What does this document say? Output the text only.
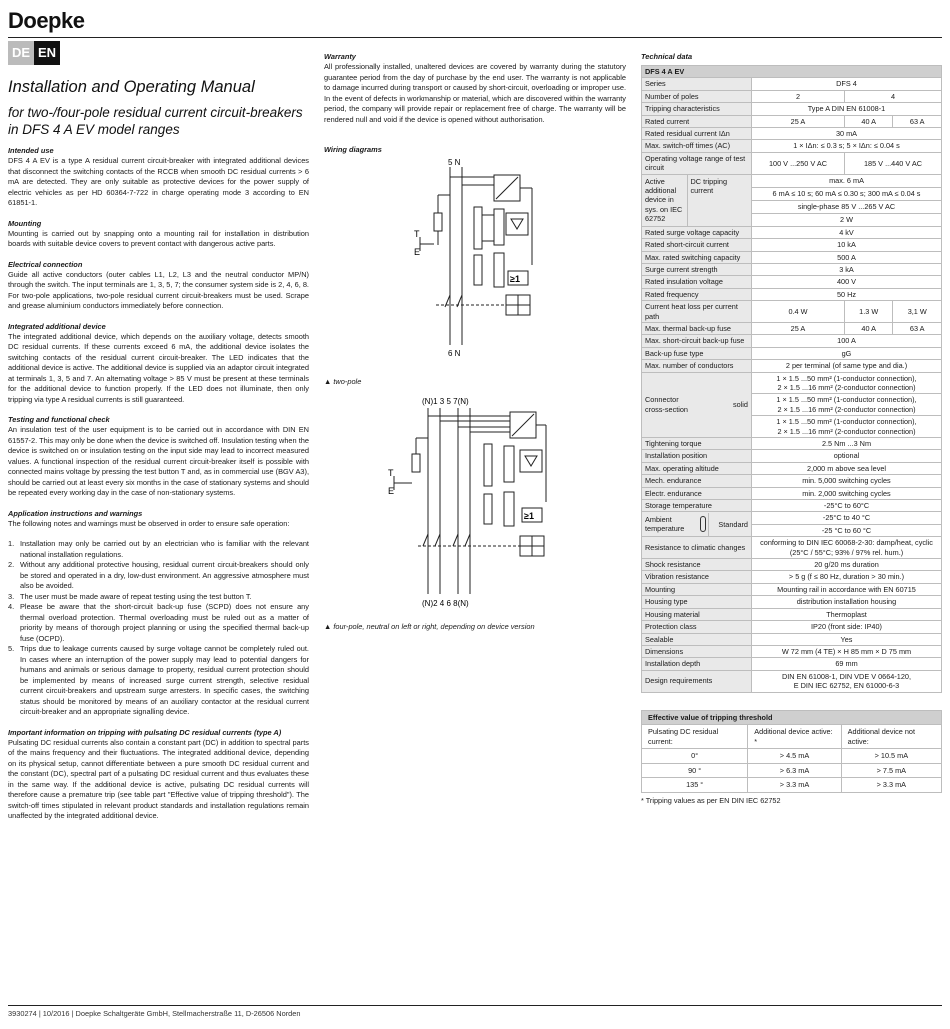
Doepke
DE EN
Installation and Operating Manual
for two-/four-pole residual current circuit-breakers in DFS 4 A EV model ranges
Intended use
DFS 4 A EV is a type A residual current circuit-breaker with integrated additional devices that disconnect the switching contacts of the RCCB when smooth DC residual currents > 6 mA are detected. They are only suitable as protective devices for the power supply of electric vehicles as per HD 60364-7-722 in charge operating mode 3 according to EN 61851-1.
Mounting
Mounting is carried out by snapping onto a mounting rail for installation in distribution boards with suitable device covers to prevent contact with dangerous active parts.
Electrical connection
Guide all active conductors (outer cables L1, L2, L3 and the neutral conductor MP/N) through the switch. The input terminals are 1, 3, 5, 7; the consumer system side is 2, 4, 6, 8. For two-pole applications, two-pole residual current circuit-breakers must be used. Scrape and grease aluminium conductors immediately before connection.
Integrated additional device
The integrated additional device, which depends on the auxiliary voltage, detects smooth DC residual currents. If these currents exceed 6 mA, the additional device isolates the switching contacts of the residual current circuit-breaker. The LED indicates that the additional device is active. The additional device is supplied via an adaptor circuit integrated at terminals 1, 3, 5 and 7. An alternating voltage > 85 V must be present at these terminals for the additional device to function properly. If the LED does not illuminate, then only tripping via type A residual currents is still guaranteed.
Testing and functional check
An insulation test of the user equipment is to be carried out in accordance with DIN EN 61557-2. This may only be done when the device is switched off. Insulation testing when the device is switched on or insulation testing on the input side may lead to incorrect measured values. A functional inspection of the residual current circuit-breaker itself is possible with connected mains voltage by pressing the test button T and, as in commercial use (BGV A3), should be carried out at least every six months in the case of stationary systems and should be repeated every working day in the case of non-stationary systems.
Application instructions and warnings
The following notes and warnings must be observed in order to ensure safe operation:
1. Installation may only be carried out by an electrician who is familiar with the relevant national installation regulations.
2. Without any additional protective housing, residual current circuit-breakers should only be stored and operated in a dry, low-dust environment. An aggressive atmosphere must also be avoided.
3. The user must be made aware of repeat testing using the test button T.
4. Please be aware that the short-circuit back-up fuse (SCPD) does not ensure any thermal overload protection. Thermal overloading must be ruled out as a matter of priority by means of thorough project planning or using the specified thermal back-up fuse (OCPD).
5. Trips due to leakage currents caused by surge voltage cannot be completely ruled out. In cases where an interruption of the power supply may lead to potential dangers for humans and animals or serious damage to property, residual current protection should be implemented by means of increased surge current strength, selective residual current circuit-breakers and upstream surge arresters. In specific cases, the switching status should be monitored by means of an auxiliary contactor at the residual current circuit-breaker and an appropriate signalling device.
Important information on tripping with pulsating DC residual currents (type A)
Pulsating DC residual currents also contain a constant part (DC) in addition to spectral parts of the mains frequency and their fluctuations. The integrated additional device, depending on its physical setup, cannot differentiate between a pure smooth DC residual current and the constant (DC), spectral part of a pulsating DC residual current and thus evaluates these in the same way. If the additional device is active, pulsating DC residual currents will therefore cause a premature trip (see table part "Effective value of tripping threshold"). The switch-off times stipulated in relevant product standards and installation regulations remain unaffected by the integrated additional device.
Warranty
All professionally installed, unaltered devices are covered by warranty during the statutory guarantee period from the day of purchase by the end user. The warranty is not applicable to damage incurred during transport or caused by short-circuit, overloading or improper use. In the event of defects in workmanship or material, which are discovered within the warranty period, the company will provide repair or replacement free of charge. The warranty will be rendered null and void if the device is opened without authorisation.
Wiring diagrams
5 N
6 N
T
E
≥1
▲ two-pole
(N)1 3 5 7(N)
(N)2 4 6 8(N)
T
E
≥1
▲ four-pole, neutral on left or right, depending on device version
Technical data
DFS 4 A EV
Series	DFS 4
Number of poles	2	4
Tripping characteristics	Type A DIN EN 61008-1
Rated current	25 A	40 A	63 A
Rated residual current IΔn	30 mA
Max. switch-off times (AC)	1 × IΔn: ≤ 0.3 s; 5 × IΔn: ≤ 0.04 s
Operating voltage range of test circuit	100 V ...250 V AC	185 V ...440 V AC

Active additional device in sys. on IEC 62752	DC tripping current
	max. 6 mA
6 mA ≤ 10 s; 60 mA ≤ 0.30 s; 300 mA ≤ 0.04 s
single-phase 85 V ...265 V AC
2 W
Rated surge voltage capacity	4 kV
Rated short-circuit current	10 kA
Max. rated switching capacity	500 A
Surge current strength	3 kA
Rated insulation voltage	400 V
Rated frequency	50 Hz
Current heat loss per current path	0.4 W	1.3 W	3,1 W
Max. thermal back-up fuse	25 A	40 A	63 A
Max. short-circuit back-up fuse	100 A
Back-up fuse type	gG
Max. number of conductors	2 per terminal (of same type and dia.)

Connector cross-section	solid

1 × 1.5 ...50 mm² (1-conductor connection),
2 × 1.5 ...16 mm² (2-conductor connection)

1 × 1.5 ...50 mm² (1-conductor connection),
2 × 1.5 ...16 mm² (2-conductor connection)

1 × 1.5 ...50 mm² (1-conductor connection),
2 × 1.5 ...16 mm² (2-conductor connection)

Tightening torque	2.5 Nm ...3 Nm
Installation position	optional
Max. operating altitude	2,000 m above sea level
Mech. endurance	min. 5,000 switching cycles
Electr. endurance	min. 2,000 switching cycles
Storage temperature	-25°C to 60°C

Ambient temperature		Standard
	-25°C to 40 °C
-25 °C to 60 °C
Resistance to climatic changes	conforming to DIN IEC 60068-2-30: damp/heat, cyclic (25°C / 55°C; 93% / 97% rel. hum.)
Shock resistance	20 g/20 ms duration
Vibration resistance	> 5 g (f ≤ 80 Hz, duration > 30 min.)
Mounting	Mounting rail in accordance with EN 60715
Housing type	distribution installation housing
Housing material	Thermoplast
Protection class	IP20 (front side: IP40)
Sealable	Yes
Dimensions	W 72 mm (4 TE) × H 85 mm × D 75 mm
Installation depth	69 mm
Design requirements	
DIN EN 61008-1, DIN VDE V 0664-120,
E DIN IEC 62752, EN 61000-6-3
Effective value of tripping threshold		
Pulsating DC residual current:	Additional device active: *	Additional device not active:
0°	> 4.5 mA	> 10.5 mA
90 °	> 6.3 mA	> 7.5 mA
135 °	> 3.3 mA	> 3.3 mA
* Tripping values as per EN DIN IEC 62752
3930274 | 10/2016 | Doepke Schaltgeräte GmbH, Stellmacherstraße 11, D-26506 Norden
